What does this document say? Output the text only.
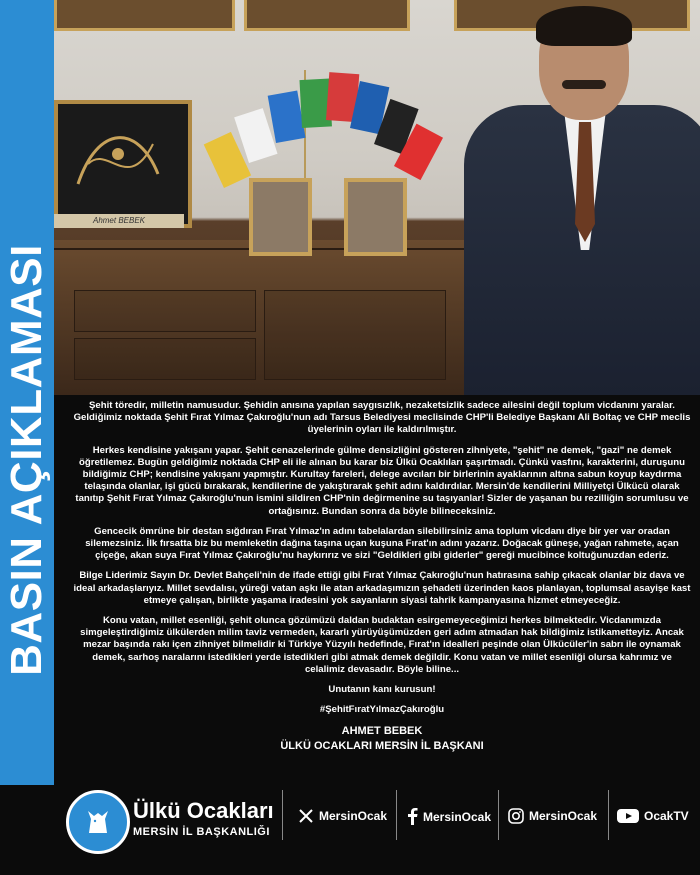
BASIN AÇIKLAMASI
Ahmet BEBEK

Şehit töredir, milletin namusudur. Şehidin anısına yapılan saygısızlık, nezaketsizlik sadece ailesini değil toplum vicdanını yaralar. Geldiğimiz noktada Şehit Fırat Yılmaz Çakıroğlu'nun adı Tarsus Belediyesi meclisinde CHP'li Belediye Başkanı Ali Boltaç ve CHP meclis üyelerinin oyları ile kaldırılmıştır.

Herkes kendisine yakışanı yapar. Şehit cenazelerinde gülme densizliğini gösteren zihniyete, "şehit" ne demek, "gazi" ne demek öğretilemez. Bugün geldiğimiz noktada CHP eli ile alınan bu karar biz Ülkü Ocaklıları şaşırtmadı. Çünkü vasfını, karakterini, duruşunu bildiğimiz CHP; kendisine yakışanı yapmıştır. Kurultay fareleri, delege avcıları bir birlerinin ayaklarının altına sabun koyup kaydırma telaşında olanlar, işi gücü bırakarak, kendilerine de yakıştırarak şehit adını kaldırdılar. Mersin'de kendilerini Milliyetçi Ülkücü olarak tanıtıp Şehit Fırat Yılmaz Çakıroğlu'nun ismini sildiren CHP'nin değirmenine su taşıyanlar! Sizler de yaşanan bu rezilliğin sorumlusu ve ortağısınız. Bundan sonra da böyle bilineceksiniz.

Gencecik ömrüne bir destan sığdıran Fırat Yılmaz'ın adını tabelalardan silebilirsiniz ama toplum vicdanı diye bir yer var oradan silemezsiniz. İlk fırsatta biz bu memleketin dağına taşına uçan kuşuna Fırat'ın adını yazarız. Doğacak güneşe, yağan rahmete, açan çiçeğe, akan suya Fırat Yılmaz Çakıroğlu'nu haykırırız ve sizi "Geldikleri gibi giderler" gereği mucibince koltuğunuzdan ederiz.

Bilge Liderimiz Sayın Dr. Devlet Bahçeli'nin de ifade ettiği gibi Fırat Yılmaz Çakıroğlu'nun hatırasına sahip çıkacak olanlar biz dava ve ideal arkadaşlarıyız. Millet sevdalısı, yüreği vatan aşkı ile atan arkadaşımızın şehadeti üzerinden kaos planlayan, toplumsal asayişe kast etmeye çalışan, birlikte yaşama iradesini yok sayanların siyasi tahrik kampanyasına hizmet etmeyeceğiz.

Konu vatan, millet esenliği, şehit olunca gözümüzü daldan budaktan esirgemeyeceğimizi herkes bilmektedir. Vicdanımızda simgeleştirdiğimiz ülkülerden milim taviz vermeden, kararlı yürüyüşümüzden geri adım atmadan hak bildiğimiz istikametteyiz. Ancak mezar başında rakı içen zihniyet bilmelidir ki Türkiye Yüzyılı hedefinde, Fırat'ın idealleri peşinde olan Ülkücüler'in sabrı ile oynamak demek, sarhoş naralarını istedikleri yerde istedikleri gibi atmak demek değildir. Konu vatan ve millet esenliği olursa kahrımız ve celalimiz devasadır. Böyle biline...

Unutanın kanı kurusun!

#ŞehitFıratYılmazÇakıroğlu

AHMET BEBEK
ÜLKÜ OCAKLARI MERSİN İL BAŞKANI
Ülkü Ocakları
MERSİN İL BAŞKANLIĞI
MersinOcak	MersinOcak	MersinOcak	OcakTV
